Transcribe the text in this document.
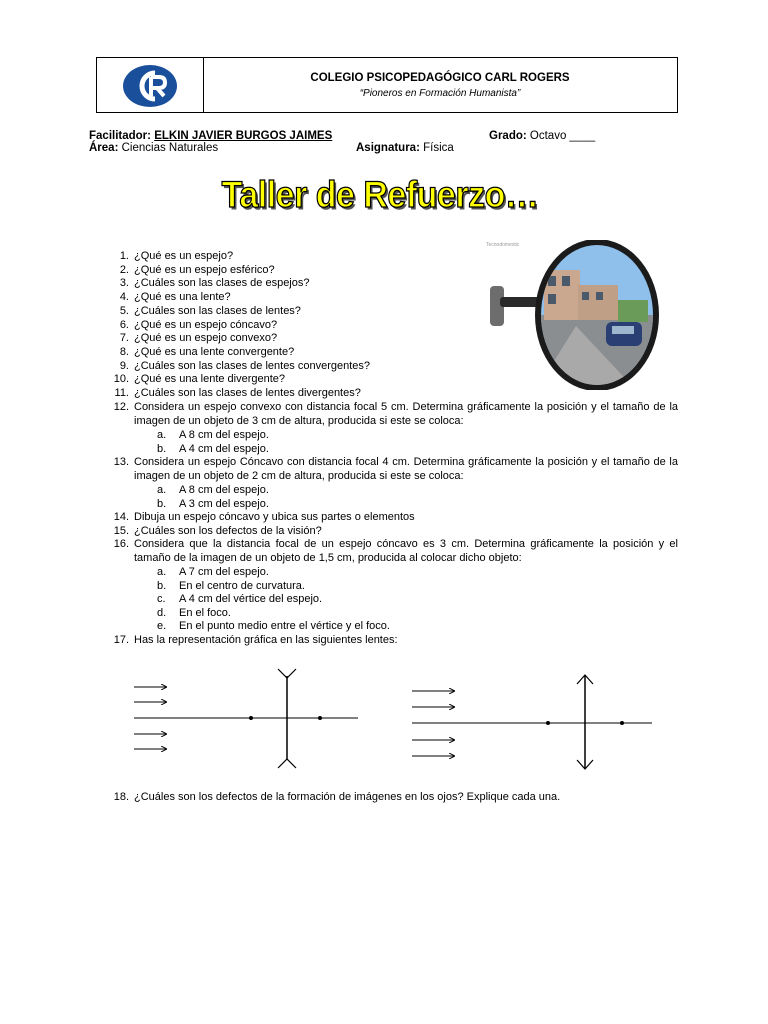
COLEGIO PSICOPEDAGÓGICO CARL ROGERS
“Pioneros en Formación Humanista”
Facilitador: ELKIN JAVIER BURGOS JAIMES	Grado: Octavo ____
Área: Ciencias Naturales	Asignatura: Física
Taller de Refuerzo…
Tecnodomestic
1. ¿Qué es un espejo?
2. ¿Qué es un espejo esférico?
3. ¿Cuáles son las clases de espejos?
4. ¿Qué es una lente?
5. ¿Cuáles son las clases de lentes?
6. ¿Qué es un espejo cóncavo?
7. ¿Qué es un espejo convexo?
8. ¿Qué es una lente convergente?
9. ¿Cuáles son las clases de lentes convergentes?
10. ¿Qué es una lente divergente?
11. ¿Cuáles son las clases de lentes divergentes?
12. Considera un espejo convexo con distancia focal 5 cm. Determina gráficamente la posición y el tamaño de la imagen de un objeto de 3 cm de altura, producida si este se coloca:
a. A 8 cm del espejo.
b. A 4 cm del espejo.
13. Considera un espejo Cóncavo con distancia focal 4 cm. Determina gráficamente la posición y el tamaño de la imagen de un objeto de 2 cm de altura, producida si este se coloca:
a. A 8 cm del espejo.
b. A 3 cm del espejo.
14. Dibuja un espejo cóncavo y ubica sus partes o elementos
15. ¿Cuáles son los defectos de la visión?
16. Considera que la distancia focal de un espejo cóncavo es 3 cm. Determina gráficamente la posición y el tamaño de la imagen de un objeto de 1,5 cm, producida al colocar dicho objeto:
a. A 7 cm del espejo.
b. En el centro de curvatura.
c. A 4 cm del vértice del espejo.
d. En el foco.
e. En el punto medio entre el vértice y el foco.
17. Has la representación gráfica en las siguientes lentes:
18. ¿Cuáles son los defectos de la formación de imágenes en los ojos? Explique cada una.
